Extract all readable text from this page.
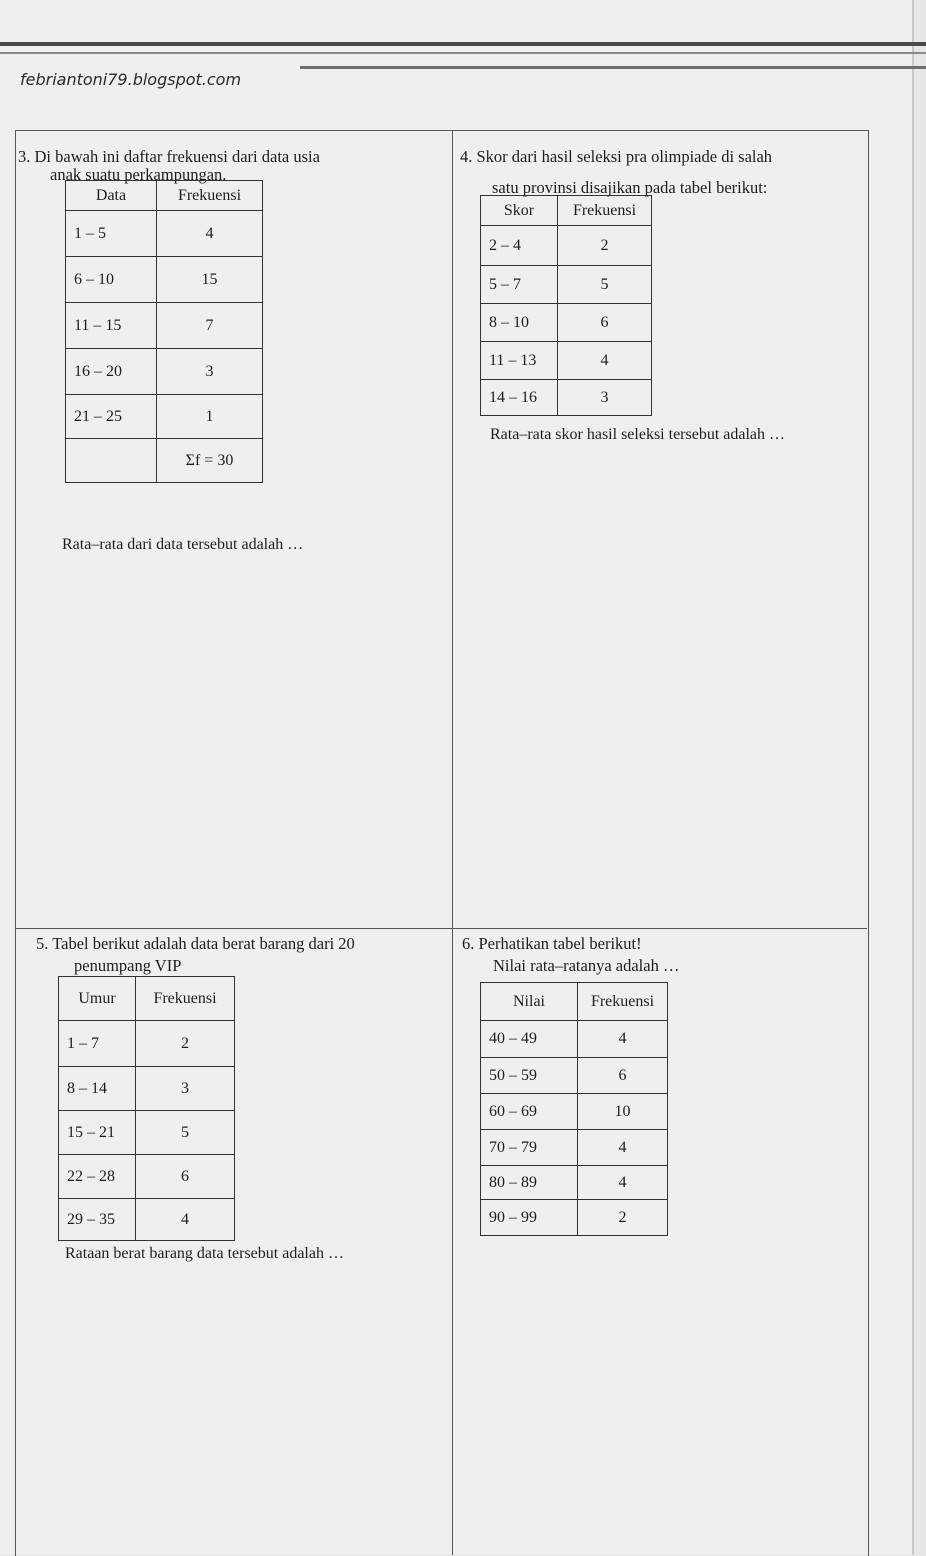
febriantoni79.blogspot.com
3. Di bawah ini daftar frekuensi dari data usia
anak suatu perkampungan.
Data	Frekuensi
1 – 5	4
6 – 10	15
11 – 15	7
16 – 20	3
21 – 25	1
	Σf = 30
Rata–rata dari data tersebut adalah …
4. Skor dari hasil seleksi pra olimpiade di salah
satu provinsi disajikan pada tabel berikut:
Skor	Frekuensi
2 – 4	2
5 – 7	5
8 – 10	6
11 – 13	4
14 – 16	3
Rata–rata skor hasil seleksi tersebut adalah …
5. Tabel berikut adalah data berat barang dari 20
penumpang VIP
Umur	Frekuensi
1 – 7	2
8 – 14	3
15 – 21	5
22 – 28	6
29 – 35	4
Rataan berat barang data tersebut adalah …
6. Perhatikan tabel berikut!
Nilai rata–ratanya adalah …
Nilai	Frekuensi
40 – 49	4
50 – 59	6
60 – 69	10
70 – 79	4
80 – 89	4
90 – 99	2
